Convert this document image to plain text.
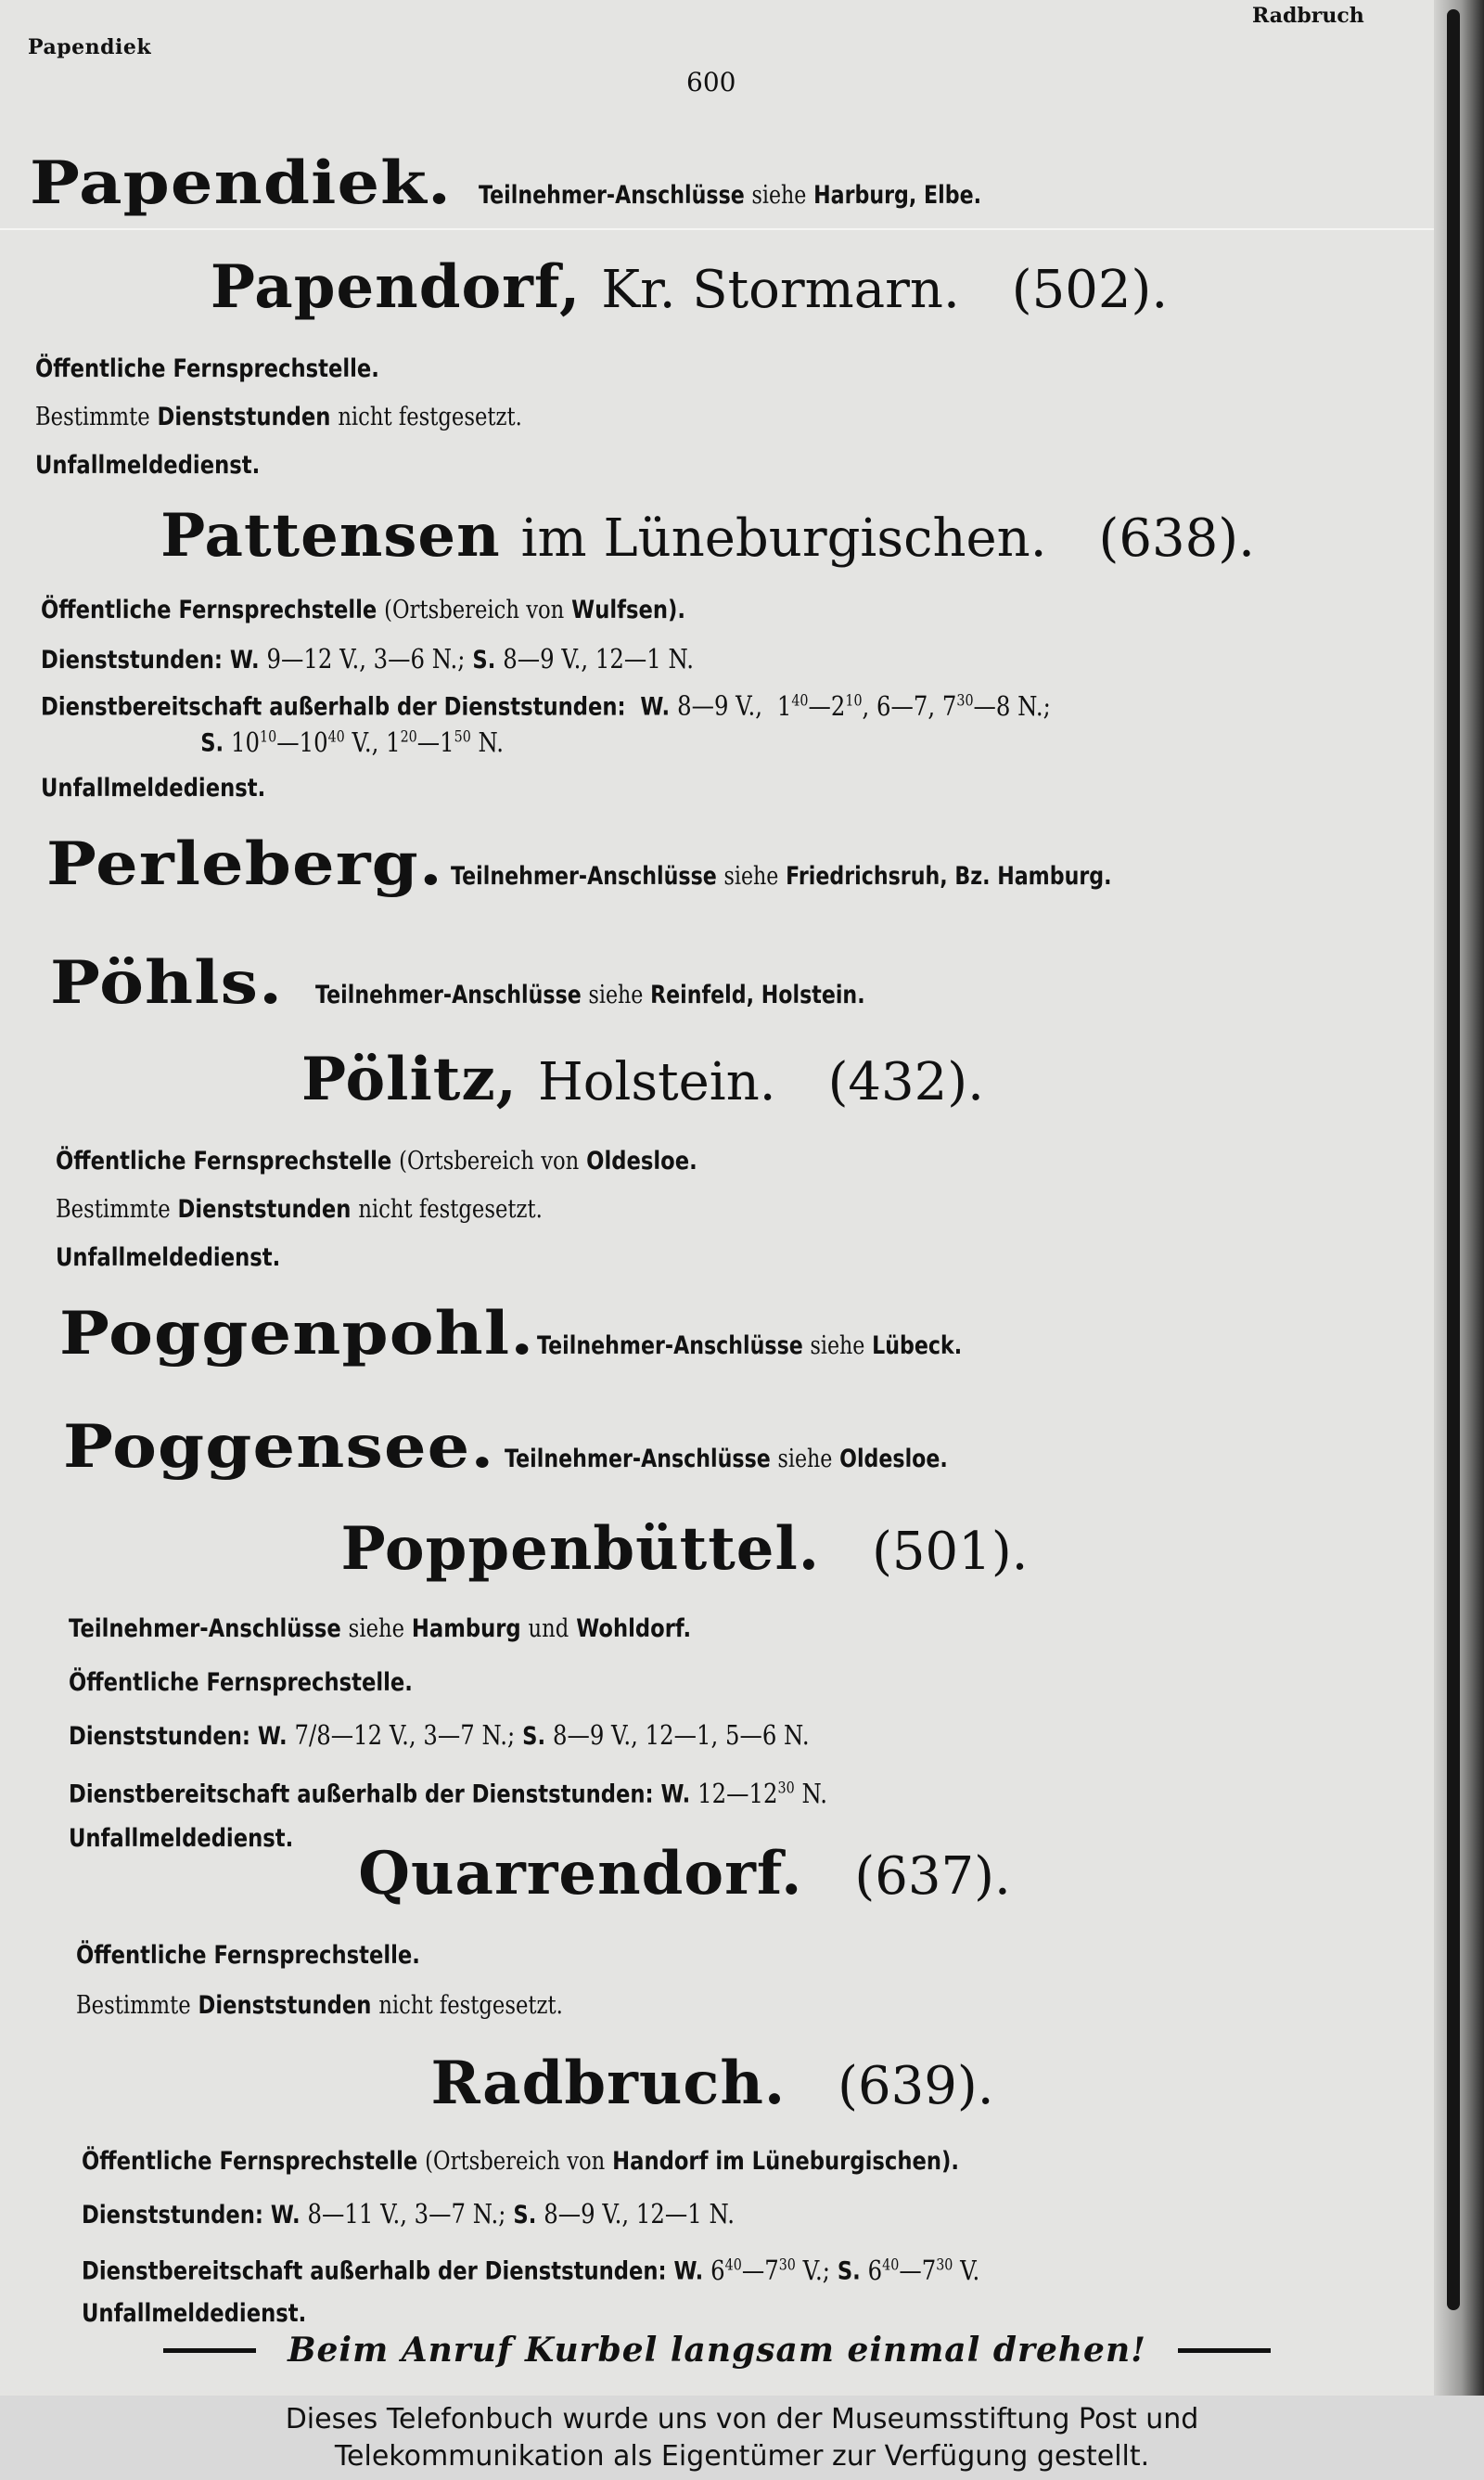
Papendiek
Radbruch
600
Papendiek. Teilnehmer-Anschlüsse siehe Harburg, Elbe.
Papendorf, Kr. Stormarn. (502).
Öffentliche Fernsprechstelle.
Bestimmte Dienststunden nicht festgesetzt.
Unfallmeldedienst.
Pattensen im Lüneburgischen. (638).
Öffentliche Fernsprechstelle (Ortsbereich von Wulfsen).
Dienststunden: W. 9—12 V., 3—6 N.; S. 8—9 V., 12—1 N.
Dienstbereitschaft außerhalb der Dienststunden: W. 8—9 V., $1^{40}—2^{10}$, 6—7, $7^{30}—8$ N.;
S. $10^{10}—10^{40}$ V., $1^{20}—1^{50}$ N.
Unfallmeldedienst.
Perleberg. Teilnehmer-Anschlüsse siehe Friedrichsruh, Bz. Hamburg.
Pöhls. Teilnehmer-Anschlüsse siehe Reinfeld, Holstein.
Pölitz, Holstein. (432).
Öffentliche Fernsprechstelle (Ortsbereich von Oldesloe.
Bestimmte Dienststunden nicht festgesetzt.
Unfallmeldedienst.
Poggenpohl. Teilnehmer-Anschlüsse siehe Lübeck.
Poggensee. Teilnehmer-Anschlüsse siehe Oldesloe.
Poppenbüttel. (501).
Teilnehmer-Anschlüsse siehe Hamburg und Wohldorf.
Öffentliche Fernsprechstelle.
Dienststunden: W. 7/8—12 V., 3—7 N.; S. 8—9 V., 12—1, 5—6 N.
Dienstbereitschaft außerhalb der Dienststunden: W. $12—12^{30}$ N.
Unfallmeldedienst.
Quarrendorf. (637).
Öffentliche Fernsprechstelle.
Bestimmte Dienststunden nicht festgesetzt.
Radbruch. (639).
Öffentliche Fernsprechstelle (Ortsbereich von Handorf im Lüneburgischen).
Dienststunden: W. 8—11 V., 3—7 N.; S. 8—9 V., 12—1 N.
Dienstbereitschaft außerhalb der Dienststunden: W. $6^{40}—7^{30}$ V.; S. $6^{40}—7^{30}$ V.
Unfallmeldedienst.
Beim Anruf Kurbel langsam einmal drehen!
Dieses Telefonbuch wurde uns von der Museumsstiftung Post und
Telekommunikation als Eigentümer zur Verfügung gestellt.
